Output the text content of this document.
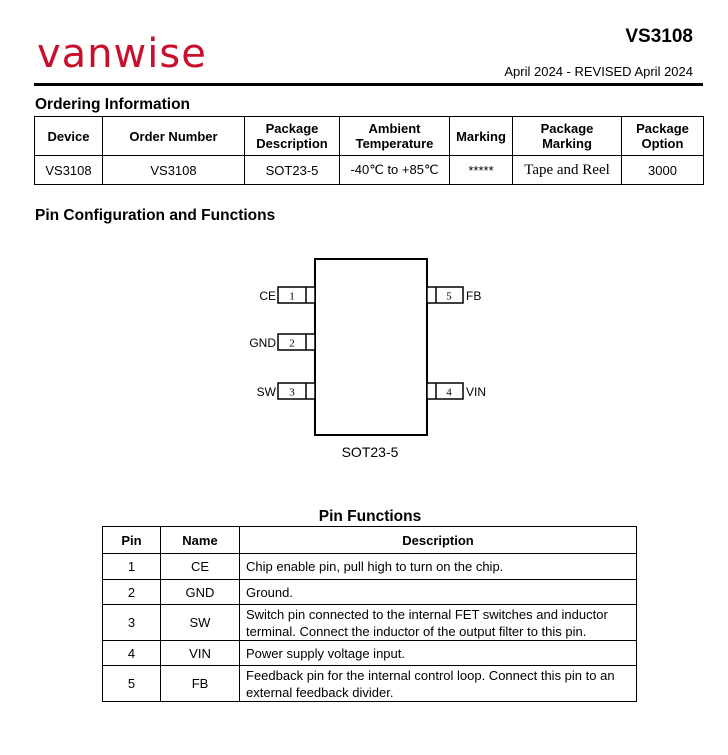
vanwise	VS3108
April 2024 - REVISED April 2024
Ordering Information
Device	Order Number	Package Description	Ambient Temperature	Marking	Package Marking	Package Option
VS3108	VS3108	SOT23-5	-40℃ to +85℃	*****	Tape and Reel	3000
Pin Configuration and Functions
1
CE
2
GND
3
SW
5 FB
4 VIN
SOT23-5
Pin Functions
Pin	Name	Description
1	CE	Chip enable pin, pull high to turn on the chip.
2	GND	Ground.
3	SW	Switch pin connected to the internal FET switches and inductor terminal. Connect the inductor of the output filter to this pin.
4	VIN	Power supply voltage input.
5	FB	Feedback pin for the internal control loop. Connect this pin to an external feedback divider.
